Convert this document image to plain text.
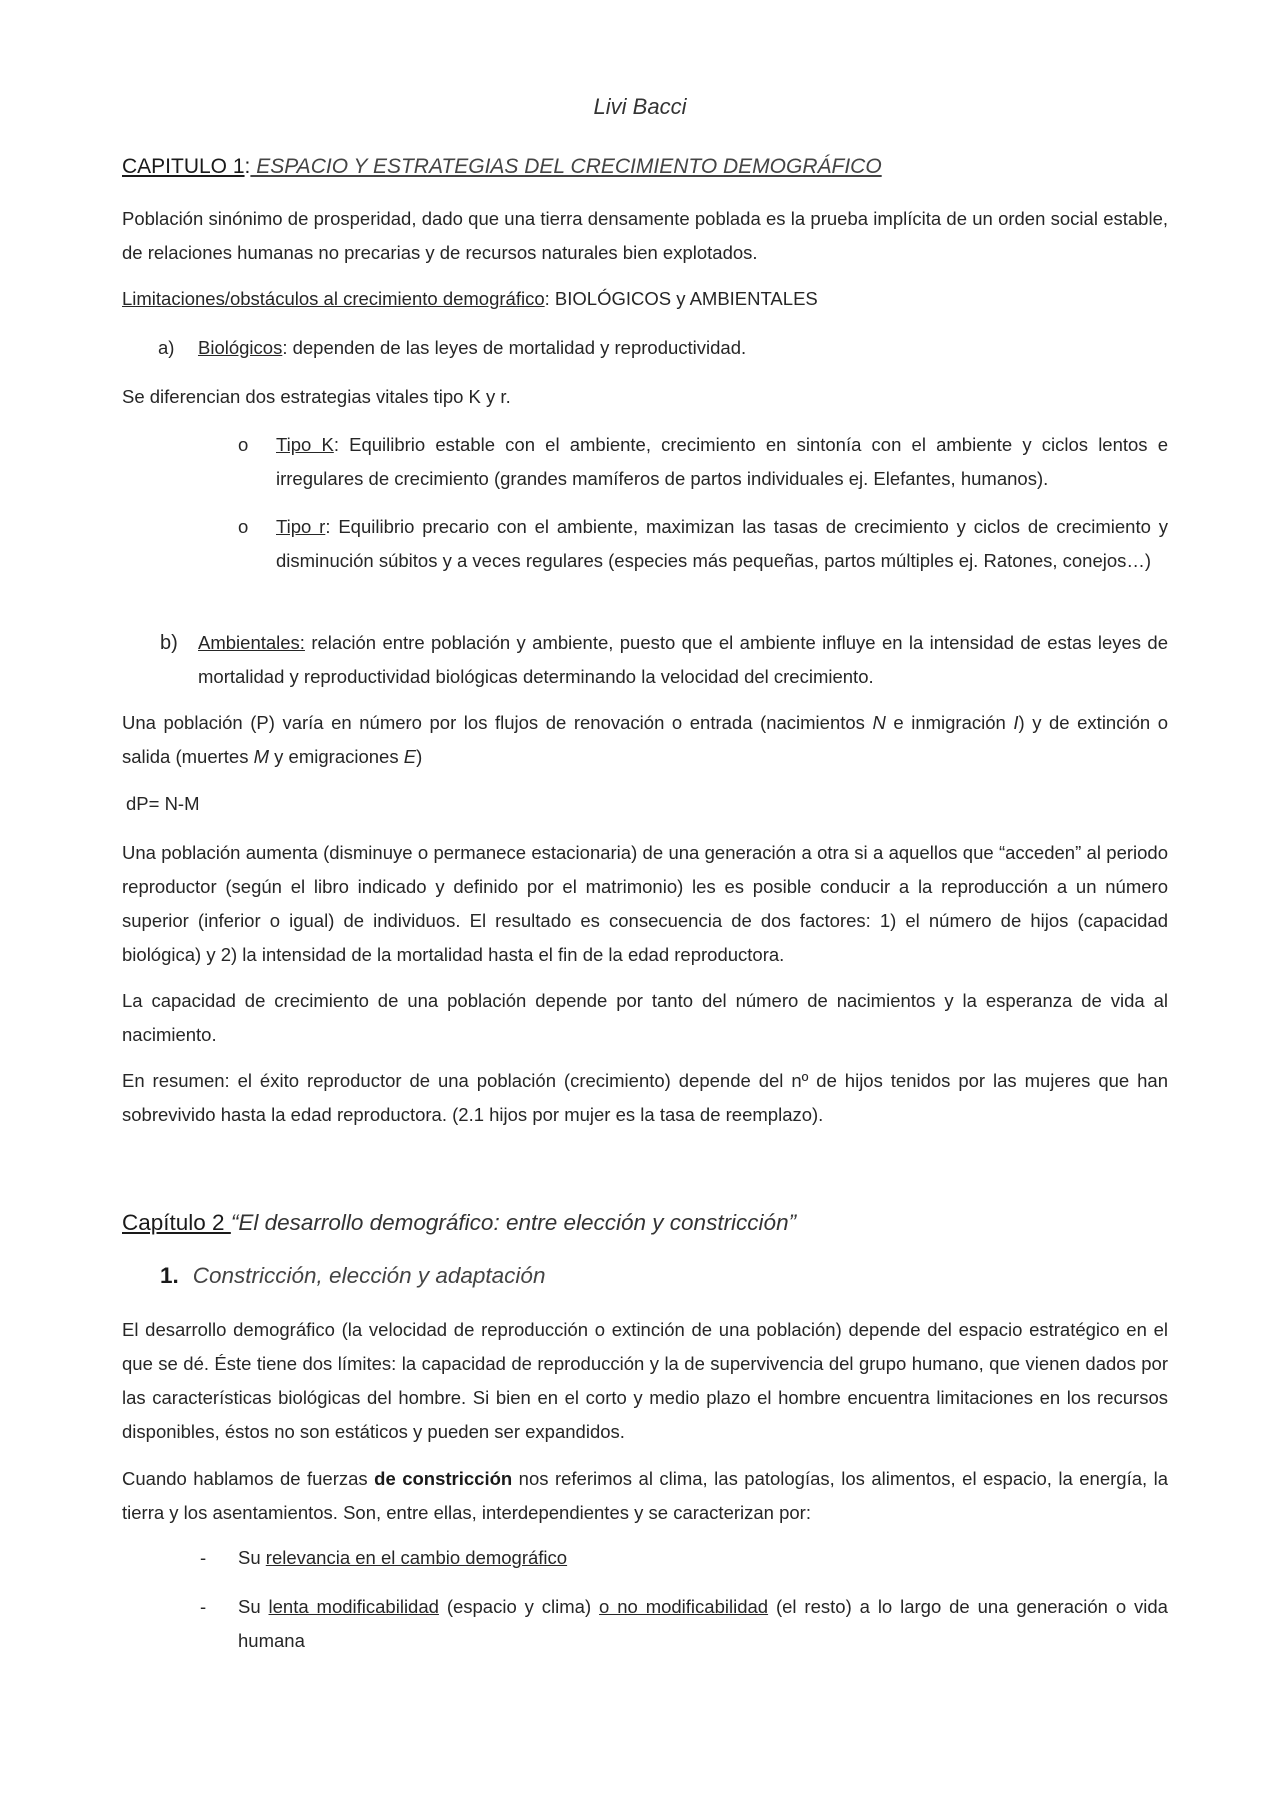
Livi Bacci
CAPITULO 1: ESPACIO Y ESTRATEGIAS DEL CRECIMIENTO DEMOGRÁFICO

Población sinónimo de prosperidad, dado que una tierra densamente poblada es la prueba implícita de un orden social estable, de relaciones humanas no precarias y de recursos naturales bien explotados.

Limitaciones/obstáculos al crecimiento demográfico: BIOLÓGICOS y AMBIENTALES

a) Biológicos: dependen de las leyes de mortalidad y reproductividad.

Se diferencian dos estrategias vitales tipo K y r.

o Tipo K: Equilibrio estable con el ambiente, crecimiento en sintonía con el ambiente y ciclos lentos e irregulares de crecimiento (grandes mamíferos de partos individuales ej. Elefantes, humanos).

o Tipo r: Equilibrio precario con el ambiente, maximizan las tasas de crecimiento y ciclos de crecimiento y disminución súbitos y a veces regulares (especies más pequeñas, partos múltiples ej. Ratones, conejos…)

b) Ambientales: relación entre población y ambiente, puesto que el ambiente influye en la intensidad de estas leyes de mortalidad y reproductividad biológicas determinando la velocidad del crecimiento.

Una población (P) varía en número por los flujos de renovación o entrada (nacimientos N e inmigración I) y de extinción o salida (muertes M y emigraciones E)

dP= N-M

Una población aumenta (disminuye o permanece estacionaria) de una generación a otra si a aquellos que “acceden” al periodo reproductor (según el libro indicado y definido por el matrimonio) les es posible conducir a la reproducción a un número superior (inferior o igual) de individuos. El resultado es consecuencia de dos factores: 1) el número de hijos (capacidad biológica) y 2) la intensidad de la mortalidad hasta el fin de la edad reproductora.

La capacidad de crecimiento de una población depende por tanto del número de nacimientos y la esperanza de vida al nacimiento.

En resumen: el éxito reproductor de una población (crecimiento) depende del nº de hijos tenidos por las mujeres que han sobrevivido hasta la edad reproductora. (2.1 hijos por mujer es la tasa de reemplazo).

Capítulo 2 “El desarrollo demográfico: entre elección y constricción”
1. Constricción, elección y adaptación

El desarrollo demográfico (la velocidad de reproducción o extinción de una población) depende del espacio estratégico en el que se dé. Éste tiene dos límites: la capacidad de reproducción y la de supervivencia del grupo humano, que vienen dados por las características biológicas del hombre. Si bien en el corto y medio plazo el hombre encuentra limitaciones en los recursos disponibles, éstos no son estáticos y pueden ser expandidos.

Cuando hablamos de fuerzas de constricción nos referimos al clima, las patologías, los alimentos, el espacio, la energía, la tierra y los asentamientos. Son, entre ellas, interdependientes y se caracterizan por:

- Su relevancia en el cambio demográfico

- Su lenta modificabilidad (espacio y clima) o no modificabilidad (el resto) a lo largo de una generación o vida humana
